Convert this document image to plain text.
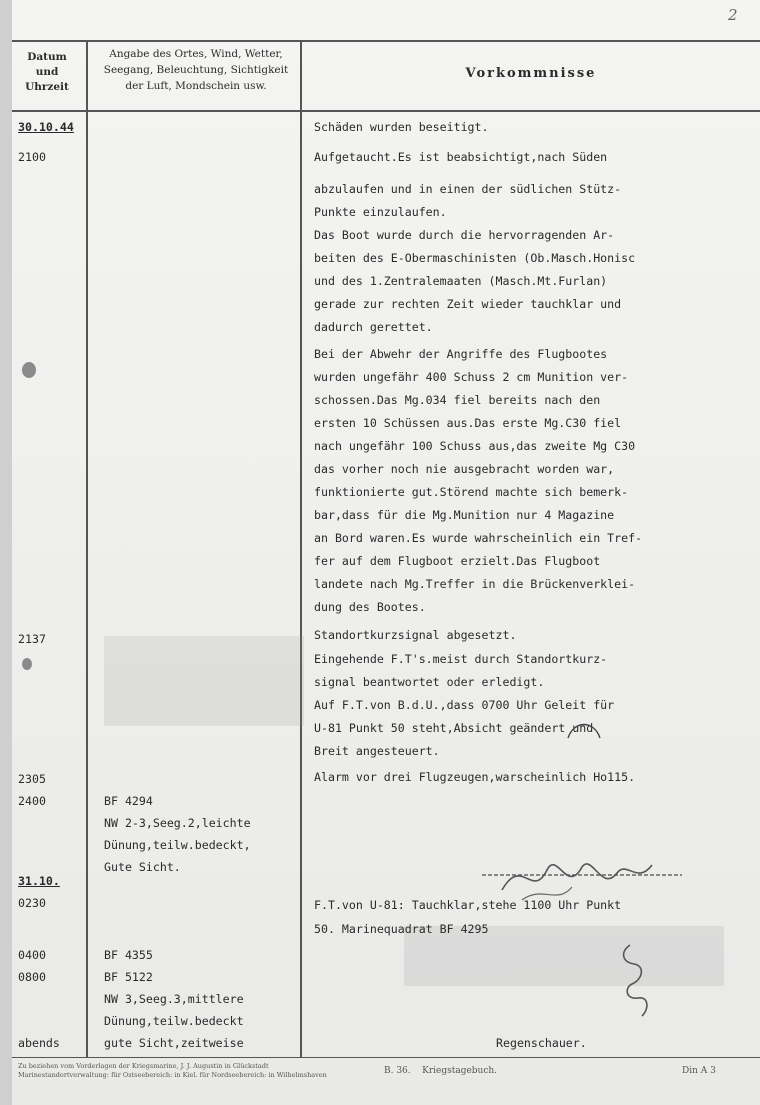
2
Datum
und
Uhrzeit
Angabe des Ortes, Wind, Wetter,
Seegang, Beleuchtung, Sichtigkeit
der Luft, Mondschein usw.
Vorkommnisse
30.10.44
2100
2137
2305
2400
31.10.
0230
0400
0800
abends
BF 4294
NW 2-3,Seeg.2,leichte
Dünung,teilw.bedeckt,
Gute Sicht.
BF 4355
BF 5122
NW 3,Seeg.3,mittlere
Dünung,teilw.bedeckt
gute Sicht,zeitweise
Schäden wurden beseitigt.
Aufgetaucht.Es ist beabsichtigt,nach Süden
abzulaufen und in einen der südlichen Stütz-
Punkte einzulaufen.
Das Boot wurde durch die hervorragenden Ar-
beiten des E-Obermaschinisten (Ob.Masch.Honisc
und des 1.Zentralemaaten (Masch.Mt.Furlan)
gerade zur rechten Zeit wieder tauchklar und
dadurch gerettet.
Bei der Abwehr der Angriffe des Flugbootes
wurden ungefähr 400 Schuss 2 cm Munition ver-
schossen.Das Mg.034 fiel bereits nach den
ersten 10 Schüssen aus.Das erste Mg.C30 fiel
nach ungefähr 100 Schuss aus,das zweite Mg C30
das vorher noch nie ausgebracht worden war,
funktionierte gut.Störend machte sich bemerk-
bar,dass für die Mg.Munition nur 4 Magazine
an Bord waren.Es wurde wahrscheinlich ein Tref-
fer auf dem Flugboot erzielt.Das Flugboot
landete nach Mg.Treffer in die Brückenverklei-
dung des Bootes.
Standortkurzsignal abgesetzt.
Eingehende F.T's.meist durch Standortkurz-
signal beantwortet oder erledigt.
Auf F.T.von B.d.U.,dass 0700 Uhr Geleit für
U-81 Punkt 50 steht,Absicht geändert und
Breit angesteuert.
Alarm vor drei Flugzeugen,warscheinlich Ho115.
F.T.von U-81: Tauchklar,stehe 1100 Uhr Punkt
50. Marinequadrat BF 4295
Regenschauer.
Zu beziehen vom Vorderlagen der Kriegsmarine, J. J. Augustin in Glückstadt
Marinestandortverwaltung: für Ostseebereich: in Kiel. für Nordseebereich: in Wilhelmshaven	B. 36. Kriegstagebuch.	Din A 3
